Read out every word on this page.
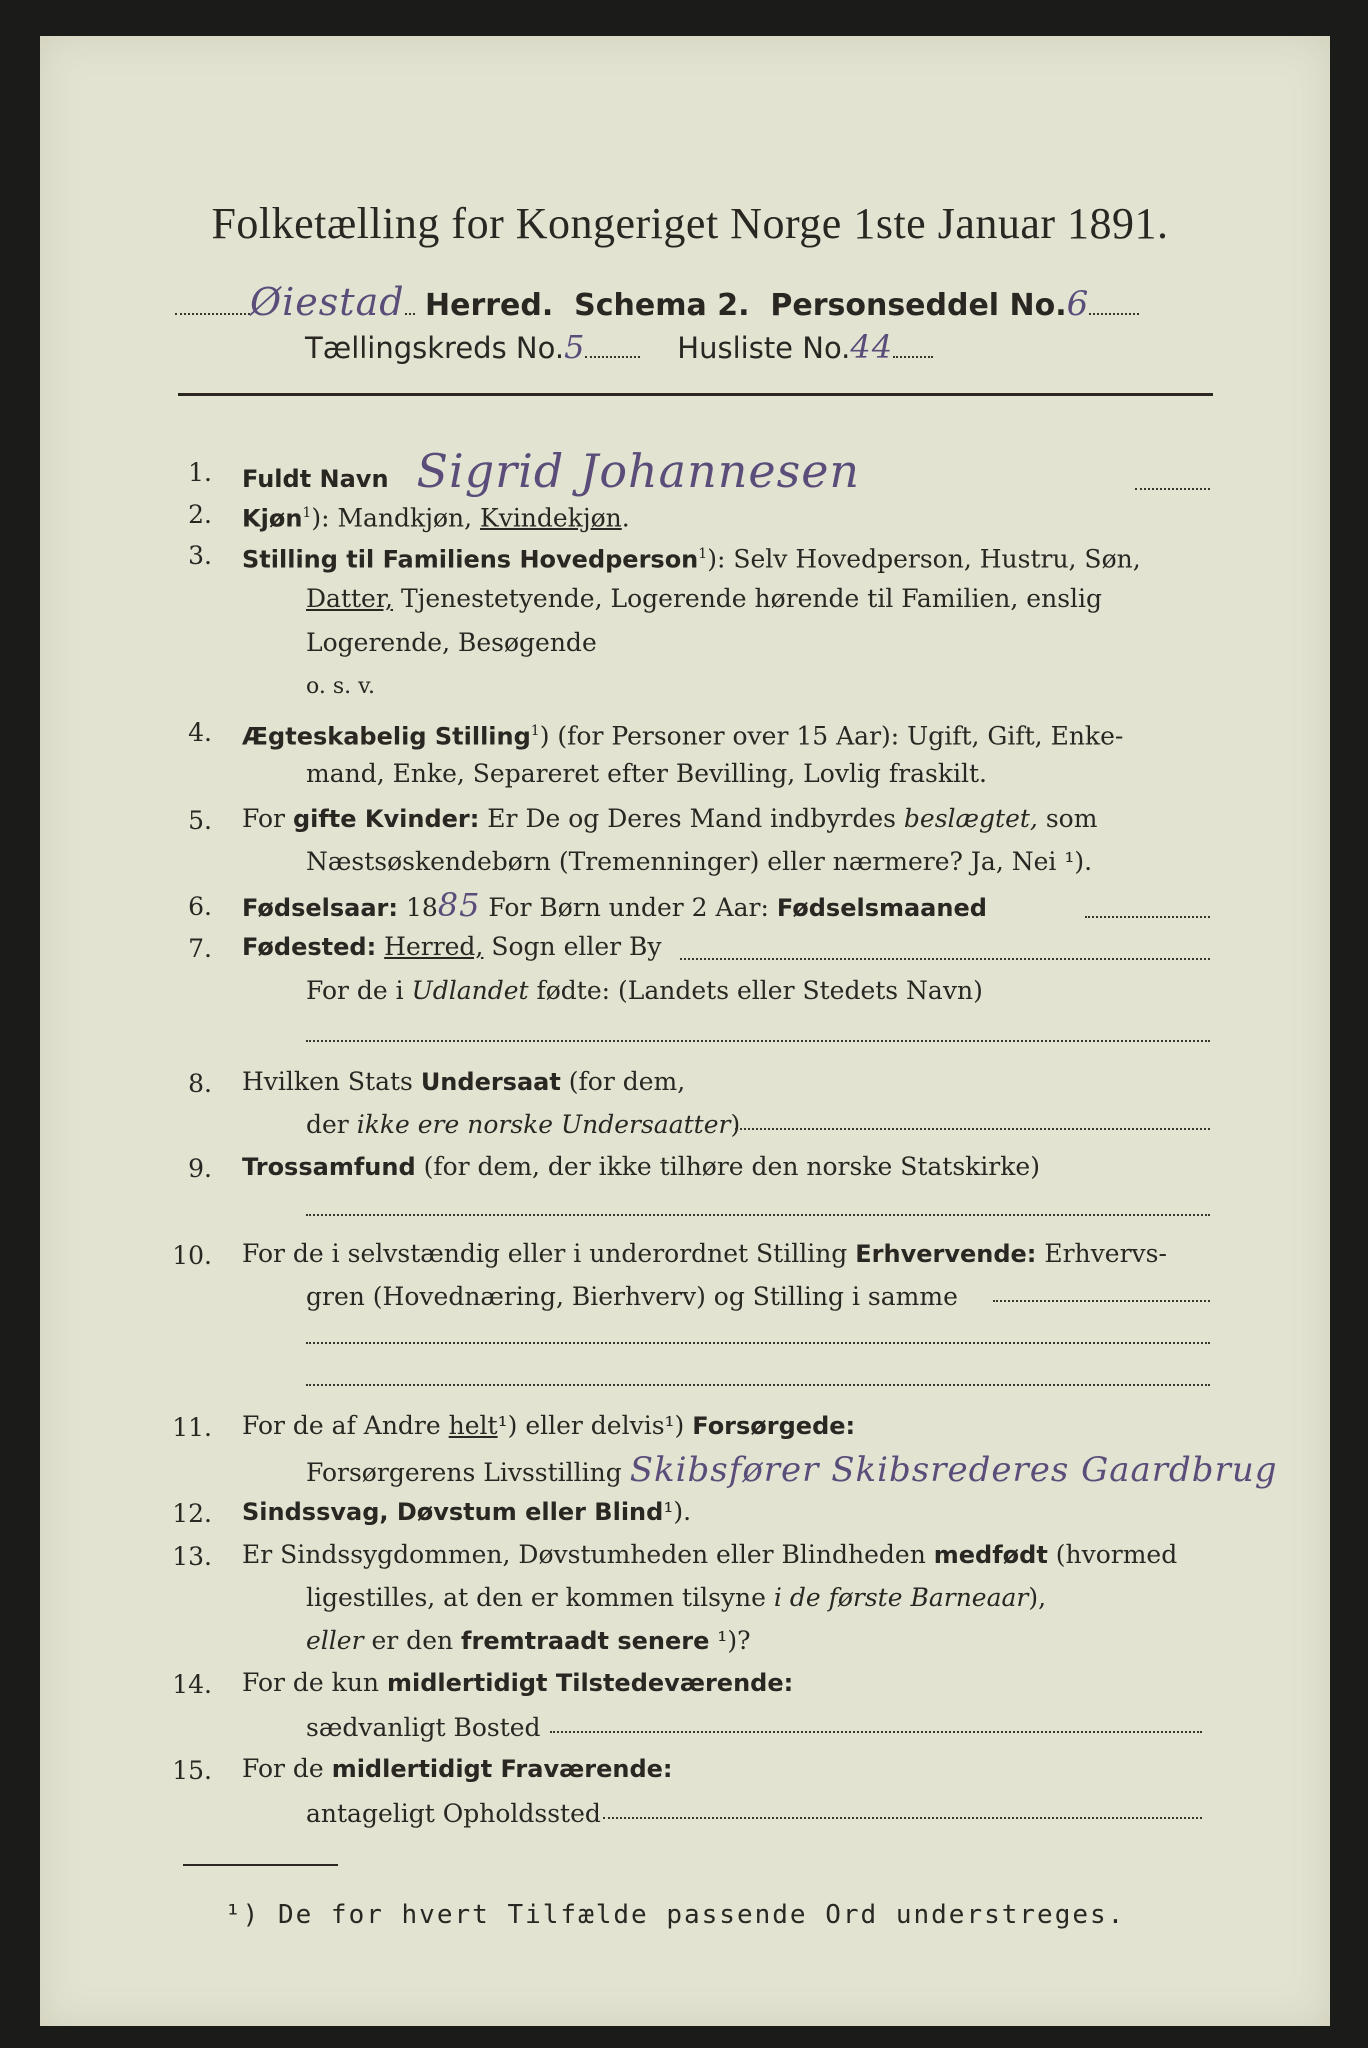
Folketælling for Kongeriget Norge 1ste Januar 1891.
Øiestad Herred. Schema 2. Personseddel No.6
Tællingskreds No.5	Husliste No.44
1. Fuldt Navn Sigrid Johannesen
2. Kjøn$^1$): Mandkjøn, Kvindekjøn.
3. Stilling til Familiens Hovedperson$^1$): Selv Hovedperson, Hustru, Søn,
Datter, Tjenestetyende, Logerende hørende til Familien, enslig
Logerende, Besøgende
o. s. v.
4. Ægteskabelig Stilling$^1$) (for Personer over 15 Aar): Ugift, Gift, Enke-
mand, Enke, Separeret efter Bevilling, Lovlig fraskilt.
5. For gifte Kvinder: Er De og Deres Mand indbyrdes beslægtet, som
Næstsøskendebørn (Tremenninger) eller nærmere? Ja, Nei ¹).
6. Fødselsaar: 1885 For Børn under 2 Aar: Fødselsmaaned
7. Fødested: Herred, Sogn eller By
For de i Udlandet fødte: (Landets eller Stedets Navn)
8. Hvilken Stats Undersaat (for dem,
der ikke ere norske Undersaatter)
9. Trossamfund (for dem, der ikke tilhøre den norske Statskirke)
10. For de i selvstændig eller i underordnet Stilling Erhvervende: Erhvervs-
gren (Hovednæring, Bierhverv) og Stilling i samme
11. For de af Andre helt¹) eller delvis¹) Forsørgede:
Forsørgerens Livsstilling Skibsfører Skibsrederes Gaardbrug
12. Sindssvag, Døvstum eller Blind¹).
13. Er Sindssygdommen, Døvstumheden eller Blindheden medfødt (hvormed
ligestilles, at den er kommen tilsyne i de første Barneaar),
eller er den fremtraadt senere ¹)?
14. For de kun midlertidigt Tilstedeværende:
sædvanligt Bosted
15. For de midlertidigt Fraværende:
antageligt Opholdssted
¹) De for hvert Tilfælde passende Ord understreges.
